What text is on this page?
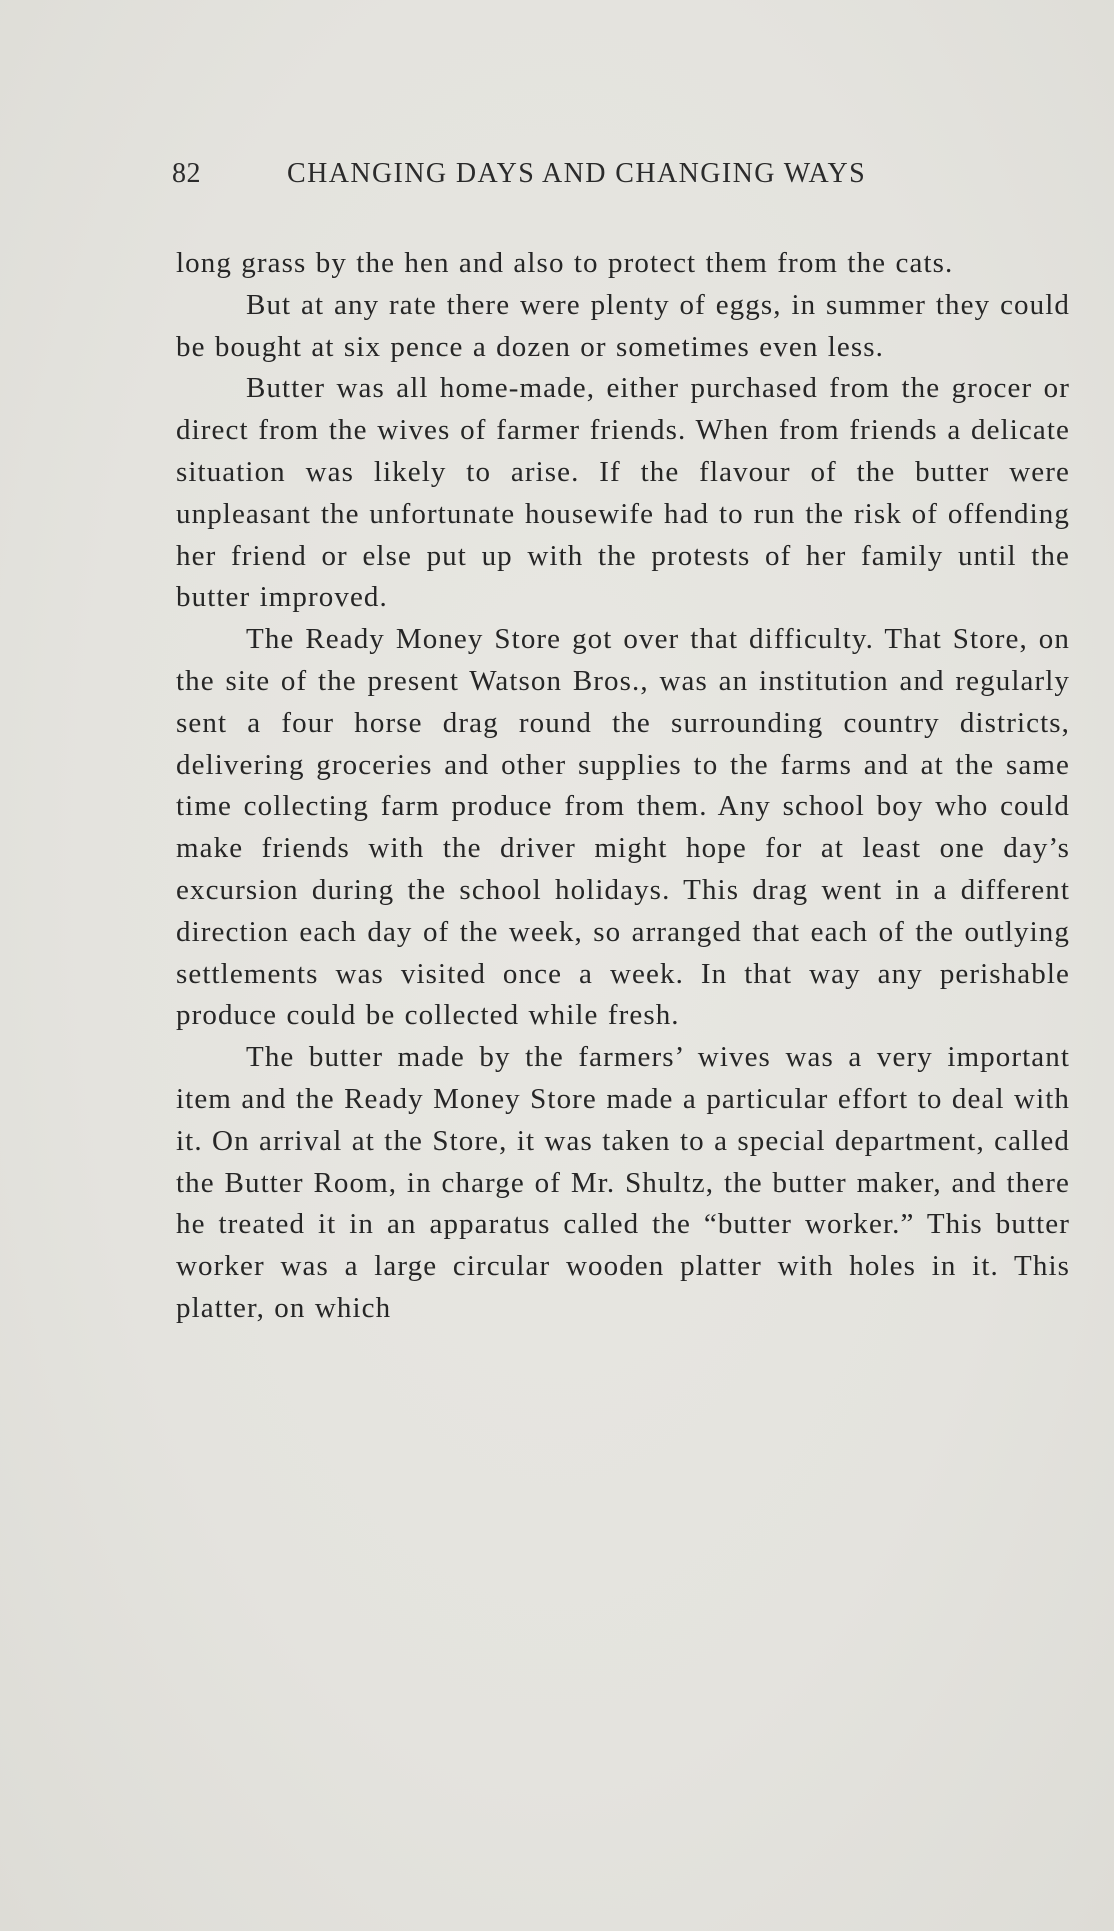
82	CHANGING DAYS AND CHANGING WAYS

long grass by the hen and also to protect them from the cats.

But at any rate there were plenty of eggs, in summer they could be bought at six pence a dozen or sometimes even less.

Butter was all home-made, either purchased from the grocer or direct from the wives of farmer friends. When from friends a delicate situation was likely to arise. If the flavour of the butter were unpleasant the unfortunate housewife had to run the risk of offending her friend or else put up with the protests of her family until the butter improved.

The Ready Money Store got over that difficulty. That Store, on the site of the present Watson Bros., was an institution and regularly sent a four horse drag round the surrounding country districts, delivering groceries and other supplies to the farms and at the same time collecting farm produce from them. Any school boy who could make friends with the driver might hope for at least one day’s excursion during the school holidays. This drag went in a different direction each day of the week, so arranged that each of the outlying settlements was visited once a week. In that way any perishable produce could be collected while fresh.

The butter made by the farmers’ wives was a very important item and the Ready Money Store made a particular effort to deal with it. On arrival at the Store, it was taken to a special department, called the Butter Room, in charge of Mr. Shultz, the butter maker, and there he treated it in an apparatus called the “butter worker.” This butter worker was a large circular wooden platter with holes in it. This platter, on which
